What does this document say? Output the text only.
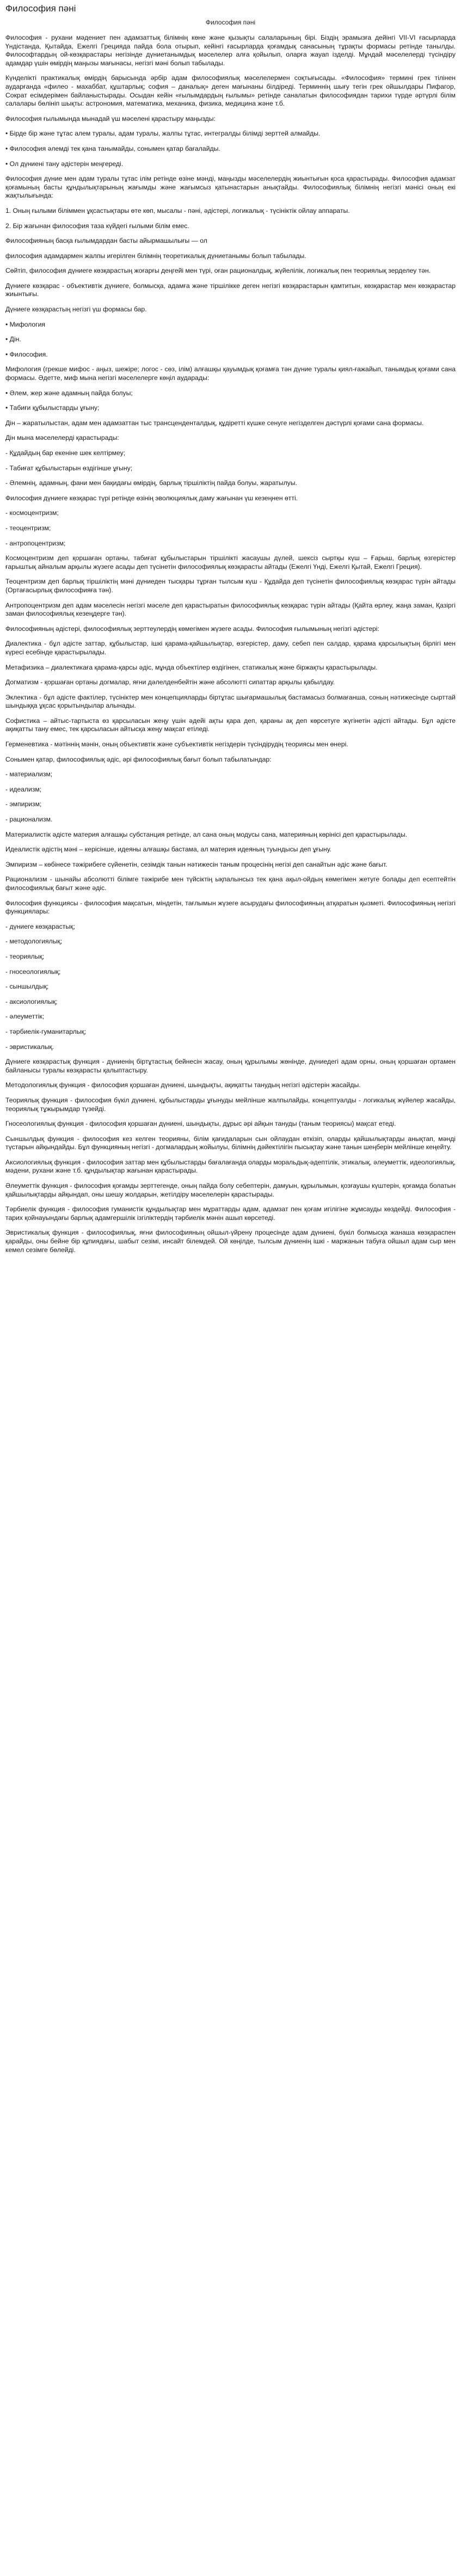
Философия пәні
Философия пәні

Философия - рухани мәдениет пен адамзаттық білімнің көне және қызықты салаларының бірі. Біздің эрамызға дейінгі VII-VI ғасырларда Үндістанда, Қытайда, Ежелгі Грецияда пайда бола отырып, кейінгі ғасырларда қоғамдық санасының тұрақты формасы ретінде танылды. Философтардың ой-көзқарастары негізінде дүниетанымдық мәселелер алға қойылып, оларға жауап ізделді. Мұндай мәселелерді түсіндіру адамдар үшін өмірдің маңызы мағынасы, негізгі мәні болып табылады.

Күнделікті практикалық өмірдің барысында әрбір адам философиялық мәселелермен соқтығысады. «Философия» термині грек тілінен аударғанда «филео - махаббат, құштарлық; софия – даналық» деген мағынаны білдіреді. Терминнің шығу тегін грек ойшылдары Пифагор, Сократ есімдерімен байланыстырады. Осыдан кейін «ғылымдардың ғылымы» ретінде саналатын философиядан тарихи түрде әртүрлі білім салалары бөлініп шықты: астрономия, математика, механика, физика, медицина және т.б.

Философия ғылымында мынадай үш мәселені қарастыру маңызды:

• Бірде бір және тұтас алем туралы, адам туралы, жалпы тұтас, интегралды білімді зерттей алмайды.

• Философия әлемді тек қана танымайды, сонымен қатар бағалайды.

• Ол дүниені тану әдістерін меңгереді.

Философия дүние мен адам туралы тұтас ілім ретінде өзіне мәнді, маңызды мәселелердің жиынтығын қоса қарастырады. Философия адамзат қоғамының басты құндылықтарының жағымды және жағымсыз қатынастарын анықтайды. Философиялық білімнің негізгі мәнісі оның екі жақтылығында:

1. Оның ғылыми біліммен ұқсастықтары өте көп, мысалы - пәні, әдістері, логикалық - түсініктік ойлау аппараты.

2. Бір жағынан философия таза күйдегі ғылыми білім емес.

Философияның басқа ғылымдардан басты айырмашылығы — ол

философия адамдармен жалпы игерілген білімнің теоретикалық дүниетанымы болып табылады.

Сөйтіп, философия дүниеге көзқарастың жоғарғы деңгейі мен түрі, оған рационалдық, жүйелілік, логикалық пен теориялық зерделеу тән.

Дүниеге көзқарас - объективтік дүниеге, болмысқа, адамға және тіршілікке деген негізгі көзқарастарын қамтитын, көзқарастар мен көзқарастар жиынтығы.

Дүниеге көзқарастың негізгі үш формасы бар.

• Мифология

• Дін.

• Философия.

Мифология (грекше мифос - аңыз, шежіре; логос - сөз, ілім) алғашқы қауымдық қоғамға тән дүние туралы қиял-ғажайып, танымдық қоғами сана формасы. Әдетте, миф мына негізгі мәселелерге көңіл аударады:

• Әлем, жер және адамның пайда болуы;

• Табиғи құбылыстарды ұғыну;

Дін – жаратылыстан, адам мен адамзаттан тыс трансценденталдық, құдіретті күшке сенуге негізделген дәстүрлі қоғами сана формасы.

Дін мына мәселелерді қарастырады:

- Құдайдың бар екеніне шек келтірмеу;

- Табиғат құбылыстарын өздігінше ұғыну;

- Әлемнің, адамның, фани мен бақидағы өмірдің, барлық тіршіліктің пайда болуы, жаратылуы.

Философия дүниеге көзқарас түрі ретінде өзінің эволюциялық даму жағынан үш кезеңнен өтті.

- космоцентризм;

- теоцентризм;

- антропоцентризм;

Космоцентризм деп қоршаған ортаны, табиғат құбылыстарын тіршілікті жасаушы дүлей, шексіз сыртқы күш – Ғарыш, барлық өзгерістер ғарыштық айналым арқылы жүзеге асады деп түсінетін философиялық көзқарасты айтады (Ежелгі Үнді, Ежелгі Қытай, Ежелгі Греция).

Теоцентризм деп барлық тіршіліктің мәні дүниеден тысқары тұрған тылсым күш - Құдайда деп түсінетін философиялық көзқарас түрін айтады (Ортағасырлық философияға тән).

Антропоцентризм деп адам мәселесін негізгі мәселе деп қарастыратын философиялық көзқарас түрін айтады (Қайта өрлеу, жаңа заман, Қазіргі заман философиялық кезеңдерге тән).

Философияның әдістері, философиялық зерттеулердің көмегімен жүзеге асады. Философия ғылымының негізгі әдістері:

Диалектика - бұл әдісте заттар, құбылыстар, ішкі қарама-қайшылықтар, өзгерістер, даму, себеп пен салдар, қарама қарсылықтың бірлігі мен күресі есебінде қарастырылады.

Метафизика – диалектикаға қарама-қарсы әдіс, мұнда объектілер өздігінен, статикалық және біржақты қарастырылады.

Догматизм - қоршаған ортаны догмалар, яғни дәлелденбейтін және абсолютті сипаттар арқылы қабылдау.

Эклектика - бұл әдісте фактілер, түсініктер мен концепцияларды біртұтас шығармашылық бастамасыз болмағанша, соның нәтижесінде сырттай шындыққа ұқсас қорытындылар алынады.

Софистика – айтыс-тартыста өз қарсыласын жеңу үшін әдейі ақты қара деп, қараны ақ деп көрсетуге жүгінетін әдісті айтады. Бұл әдісте ақиқатты тану емес, тек қарсыласын айтысқа жеңу мақсат етіледі.

Герменевтика - мәтіннің мәнін, оның объективтік және субъективтік негіздерін түсіндірудің теориясы мен өнері.

Сонымен қатар, философиялық әдіс, әрі философиялық бағыт болып табылатындар:

- материализм;

- идеализм;

- эмпиризм;

- рационализм.

Материалистік әдісте материя алғашқы субстанция ретінде, ал сана оның модусы сана, материяның көрінісі деп қарастырылады.

Идеалистік әдістің мәні – керісінше, идеяны алғашқы бастама, ал материя идеяның туындысы деп ұғыну.

Эмпиризм – көбінесе тәжірибеге сүйенетін, сезімдік танын нәтижесін таным процесінің негізі деп санайтын әдіс және бағыт.

Рационализм - шынайы абсолютті білімге тәжірибе мен түйсіктің ықпалынсыз тек қана ақыл-ойдың көмегімен жетуге болады деп есептейтін философиялық бағыт және әдіс.

Философия функциясы - философия мақсатын, міндетін, тағлымын жүзеге асырудағы философияның атқаратын қызметі. Философияның негізгі функциялары:

- дүниеге көзқарастық;

- методологиялық;

- теориялық;

- гносеологиялық;

- сыншылдық;

- аксиологиялық;

- әлеуметтік;

- тәрбиелік-гуманитарлық;

- эвристикалық.

Дүниеге көзқарастық функция - дүниенің біртұтастық бейнесін жасау, оның құрылымы жөнінде, дүниедегі адам орны, оның қоршаған ортамен байланысы туралы көзқарасты қалыптастыру.

Методологиялық функция - философия қоршаған дүниені, шындықты, ақиқатты танудың негізгі әдістерін жасайды.

Теориялық функция - философия бүкіл дүниені, құбылыстарды ұғынуды мейлінше жалпылайды, концептуалды - логикалық жүйелер жасайды, теориялық тұжырымдар түзейді.

Гносеологиялық функция - философия қоршаған дүниені, шындықты, дұрыс әрі айқын тануды (таным теориясы) мақсат етеді.

Сыншылдық функция - философия кез келген теорияны, білім қағидаларын сын ойлаудан өткізіп, оларды қайшылықтарды анықтап, мәнді түстарын айқындайды. Бұл функцияның негізгі - догмалардың жойылуы, білімнің дәйектілігін пысықтау және танын шеңберін мейлінше кеңейту.

Аксиологиялық функция - философия заттар мен құбылыстарды бағалағанда оларды моральдық-әдептілік, этикалық, әлеуметтік, идеологиялық, мәдени, рухани және т.б. құндылықтар жағынан қарастырады.

Әлеуметтік функция - философия қоғамды зерттегенде, оның пайда болу себептерін, дамуын, құрылымын, қозғаушы күштерін, қоғамда болатын қайшылықтарды айқындап, оны шешу жолдарын, жетілдіру мәселелерін қарастырады.

Тәрбиелік функция - философия гуманистік құндылықтар мен мұраттарды адам, адамзат пен қоғам игілігіне жұмсауды көздейді. Философия - тарих қойнауындағы барлық адамгершілік ізгіліктердің тәрбиелік мәнін ашып көрсетеді.

Эвристикалық функция - философиялық, яғни философияның ойшыл-үйрену процесінде адам дүниені, бүкіл болмысқа жанаша көзқараспен қарайды, оны бейне бір құпиядағы, шабыт сезімі, инсайт білемдей. Ой көңілде, тылсым дүниенің ішкі - маржанын табуға ойшыл адам сыр мен кемел сезімге бөлейді.
